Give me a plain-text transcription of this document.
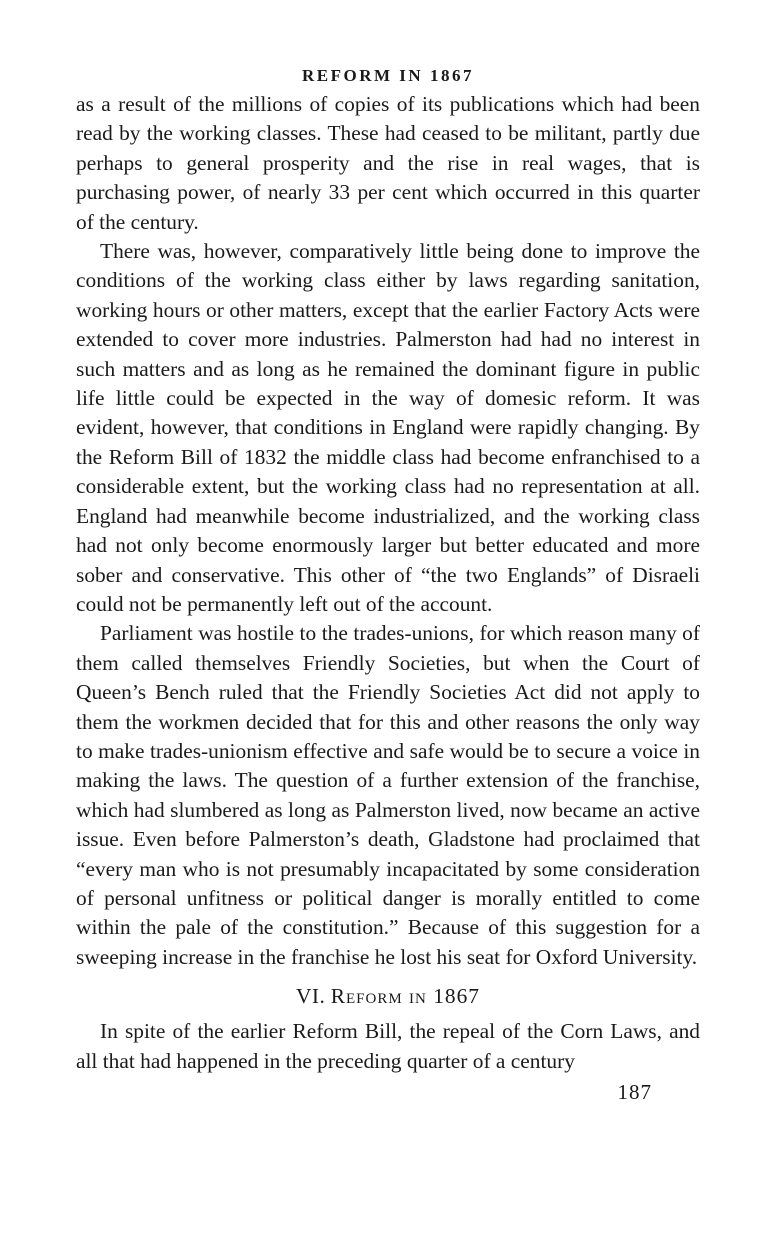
REFORM IN 1867

as a result of the millions of copies of its publications which had been read by the working classes. These had ceased to be militant, partly due perhaps to general prosperity and the rise in real wages, that is purchasing power, of nearly 33 per cent which occurred in this quarter of the century.

There was, however, comparatively little being done to improve the conditions of the working class either by laws regarding sanitation, working hours or other matters, except that the earlier Factory Acts were extended to cover more industries. Palmerston had had no interest in such matters and as long as he remained the dominant figure in public life little could be expected in the way of domesic reform. It was evident, however, that conditions in England were rapidly changing. By the Reform Bill of 1832 the middle class had become enfranchised to a considerable extent, but the working class had no representation at all. England had meanwhile become industrialized, and the working class had not only become enormously larger but better educated and more sober and conservative. This other of “the two Englands” of Disraeli could not be permanently left out of the account.

Parliament was hostile to the trades-unions, for which reason many of them called themselves Friendly Societies, but when the Court of Queen’s Bench ruled that the Friendly Societies Act did not apply to them the workmen decided that for this and other reasons the only way to make trades-unionism effective and safe would be to secure a voice in making the laws. The question of a further extension of the franchise, which had slumbered as long as Palmerston lived, now became an active issue. Even before Palmerston’s death, Gladstone had proclaimed that “every man who is not presumably incapacitated by some consideration of personal unfitness or political danger is morally entitled to come within the pale of the constitution.” Because of this suggestion for a sweeping increase in the franchise he lost his seat for Oxford University.

VI. Reform in 1867

In spite of the earlier Reform Bill, the repeal of the Corn Laws, and all that had happened in the preceding quarter of a century

187
